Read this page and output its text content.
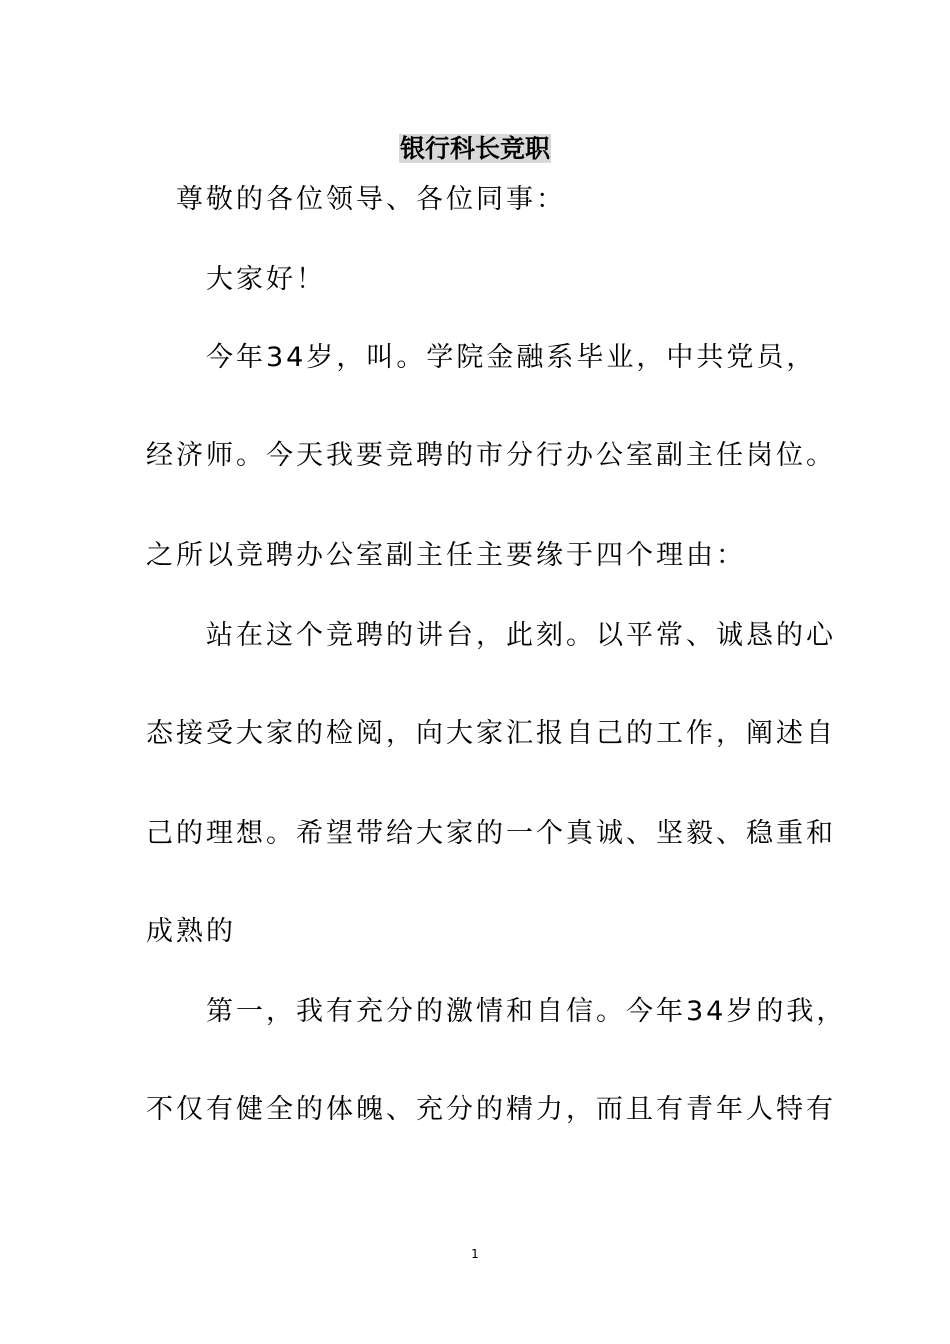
银行科长竞职
尊敬的各位领导、各位同事：
大家好！
今年34岁，叫。学院金融系毕业，中共党员，
经济师。今天我要竞聘的市分行办公室副主任岗位。
之所以竞聘办公室副主任主要缘于四个理由：
站在这个竞聘的讲台，此刻。以平常、诚恳的心
态接受大家的检阅，向大家汇报自己的工作，阐述自
己的理想。希望带给大家的一个真诚、坚毅、稳重和
成熟的
第一，我有充分的激情和自信。今年34岁的我，
不仅有健全的体魄、充分的精力，而且有青年人特有
1
